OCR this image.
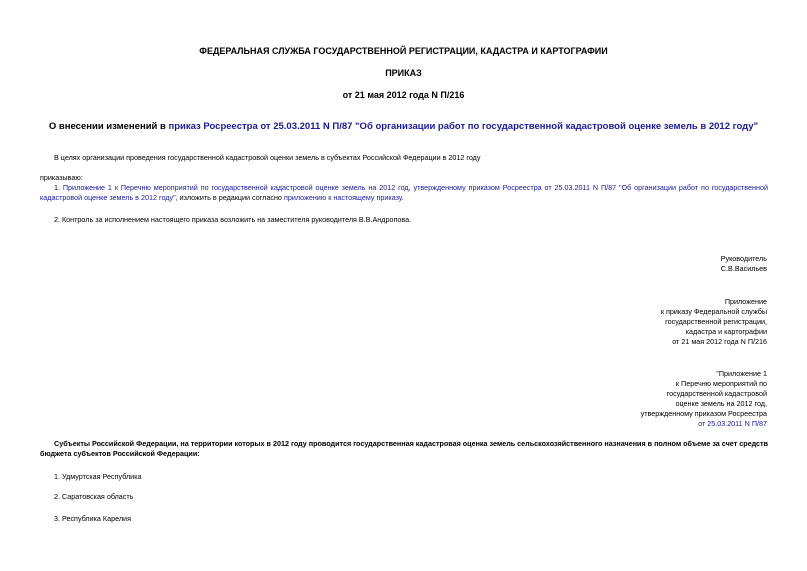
ФЕДЕРАЛЬНАЯ СЛУЖБА ГОСУДАРСТВЕННОЙ РЕГИСТРАЦИИ, КАДАСТРА И КАРТОГРАФИИ
ПРИКАЗ
от 21 мая 2012 года N П/216
О внесении изменений в приказ Росреестра от 25.03.2011 N П/87 "Об организации работ по государственной кадастровой оценке земель в 2012 году"
В целях организации проведения государственной кадастровой оценки земель в субъектах Российской Федерации в 2012 году
приказываю:
1. Приложение 1 к Перечню мероприятий по государственной кадастровой оценке земель на 2012 год, утвержденному приказом Росреестра от 25.03.2011 N П/87 "Об организации работ по государственной кадастровой оценке земель в 2012 году", изложить в редакции согласно приложению к настоящему приказу.
2. Контроль за исполнением настоящего приказа возложить на заместителя руководителя В.В.Андропова.
Руководитель
С.В.Васильев
Приложение
к приказу Федеральной службы
государственной регистрации,
кадастра и картографии
от 21 мая 2012 года N П/216
"Приложение 1
к Перечню мероприятий по
государственной кадастровой
оценке земель на 2012 год,
утвержденному приказом Росреестра
от 25.03.2011 N П/87
Субъекты Российской Федерации, на территории которых в 2012 году проводится государственная кадастровая оценка земель сельскохозяйственного назначения в полном объеме за счет средств бюджета субъектов Российской Федерации:
1. Удмуртская Республика
2. Саратовская область
3. Республика Карелия
